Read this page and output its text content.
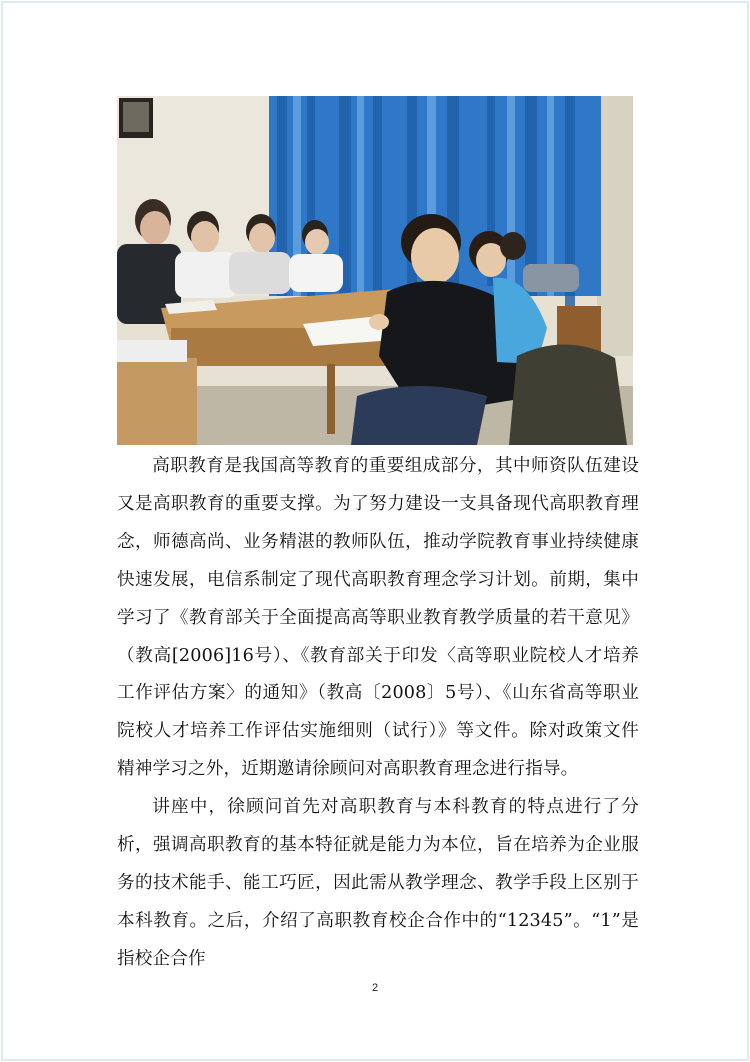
高职教育是我国高等教育的重要组成部分，其中师资队伍建设又是高职教育的重要支撑。为了努力建设一支具备现代高职教育理念，师德高尚、业务精湛的教师队伍，推动学院教育事业持续健康快速发展，电信系制定了现代高职教育理念学习计划。前期，集中学习了《教育部关于全面提高高等职业教育教学质量的若干意见》（教高[2006]16号）、《教育部关于印发〈高等职业院校人才培养工作评估方案〉的通知》（教高〔2008〕5号）、《山东省高等职业院校人才培养工作评估实施细则（试行）》等文件。除对政策文件精神学习之外，近期邀请徐顾问对高职教育理念进行指导。

讲座中，徐顾问首先对高职教育与本科教育的特点进行了分析，强调高职教育的基本特征就是能力为本位，旨在培养为企业服务的技术能手、能工巧匠，因此需从教学理念、教学手段上区别于本科教育。之后，介绍了高职教育校企合作中的“12345”。“1”是指校企合作

2
